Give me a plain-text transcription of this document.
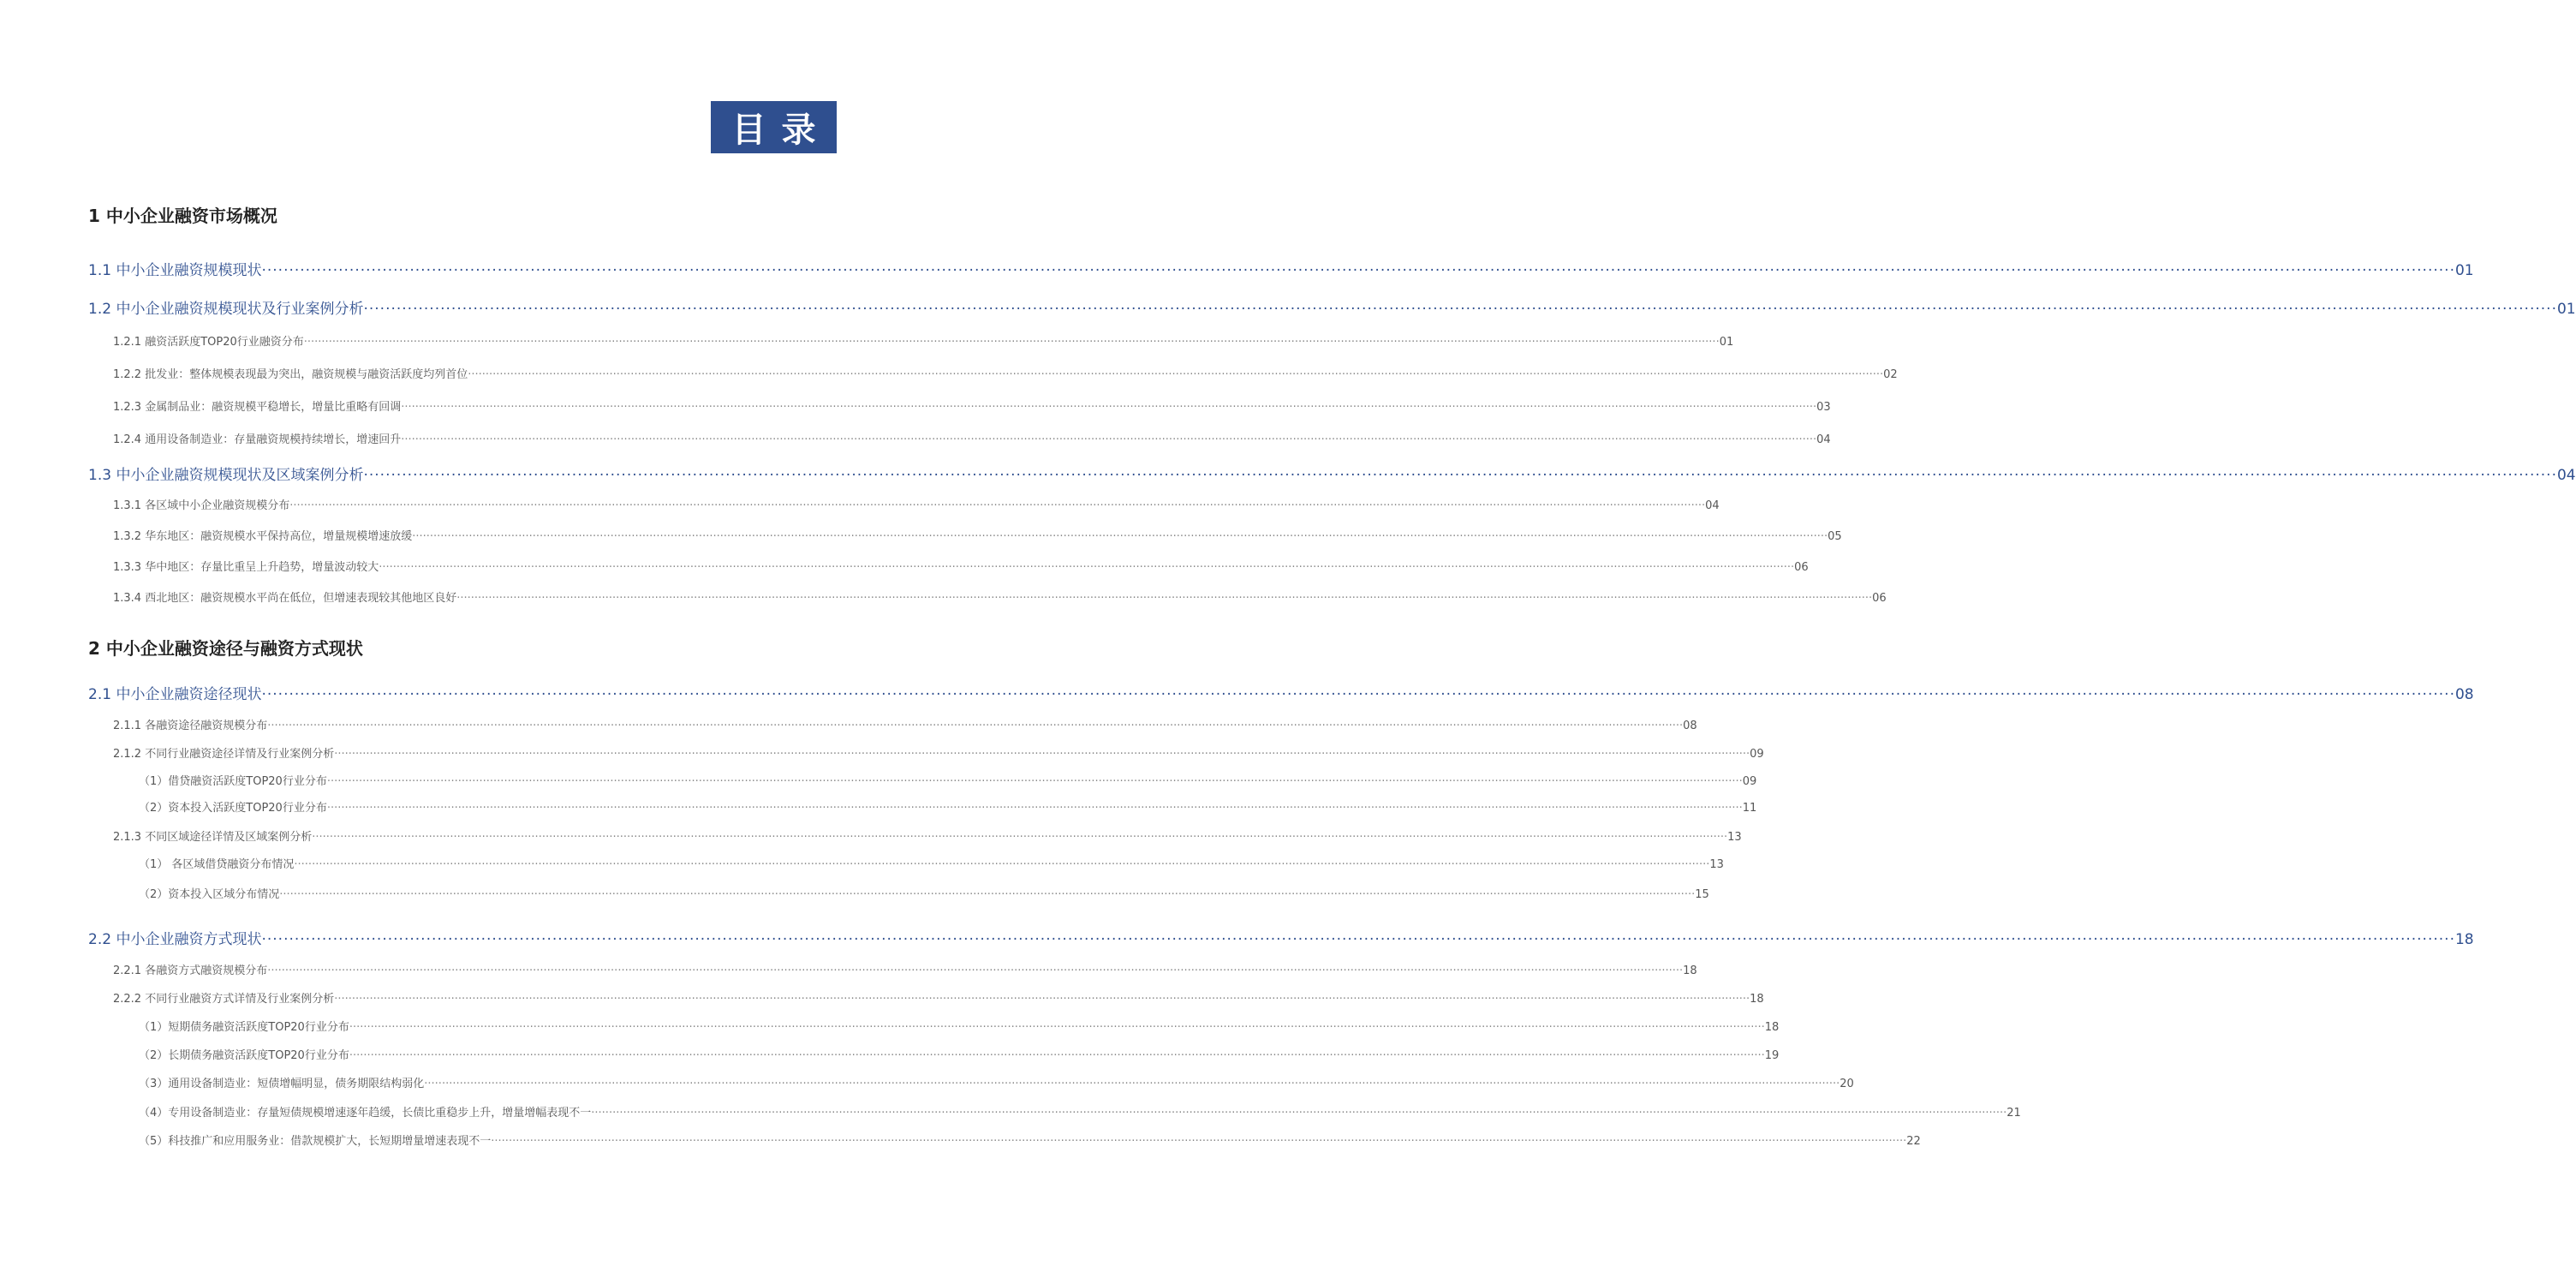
目录
1 中小企业融资市场概况
2 中小企业融资途径与融资方式现状
1.1 中小企业融资规模现状 ················································································································································································································································································································································································································ 01
1.2 中小企业融资规模现状及行业案例分析 ················································································································································································································································································································································································································ 01
1.2.1 融资活跃度TOP20行业融资分布 ················································································································································································································································································································································································································ 01
1.2.2 批发业：整体规模表现最为突出，融资规模与融资活跃度均列首位 ················································································································································································································································································································································································································ 02
1.2.3 金属制品业：融资规模平稳增长，增量比重略有回调 ················································································································································································································································································································································································································ 03
1.2.4 通用设备制造业：存量融资规模持续增长，增速回升 ················································································································································································································································································································································································································ 04
1.3 中小企业融资规模现状及区域案例分析 ················································································································································································································································································································································································································ 04
1.3.1 各区域中小企业融资规模分布 ················································································································································································································································································································································································································ 04
1.3.2 华东地区：融资规模水平保持高位，增量规模增速放缓 ················································································································································································································································································································································································································ 05
1.3.3 华中地区：存量比重呈上升趋势，增量波动较大 ················································································································································································································································································································································································································ 06
1.3.4 西北地区：融资规模水平尚在低位，但增速表现较其他地区良好 ················································································································································································································································································································································································································ 06
2.1 中小企业融资途径现状 ················································································································································································································································································································································································································ 08
2.1.1 各融资途径融资规模分布 ················································································································································································································································································································································································································ 08
2.1.2 不同行业融资途径详情及行业案例分析 ················································································································································································································································································································································································································ 09
（1）借贷融资活跃度TOP20行业分布 ················································································································································································································································································································································································································ 09
（2）资本投入活跃度TOP20行业分布 ················································································································································································································································································································································································································ 11
2.1.3 不同区域途径详情及区域案例分析 ················································································································································································································································································································································································································ 13
（1） 各区域借贷融资分布情况 ················································································································································································································································································································································································································ 13
（2）资本投入区域分布情况 ················································································································································································································································································································································································································ 15
2.2 中小企业融资方式现状 ················································································································································································································································································································································································································ 18
2.2.1 各融资方式融资规模分布 ················································································································································································································································································································································································································ 18
2.2.2 不同行业融资方式详情及行业案例分析 ················································································································································································································································································································································································································ 18
（1）短期债务融资活跃度TOP20行业分布 ················································································································································································································································································································································································································ 18
（2）长期债务融资活跃度TOP20行业分布 ················································································································································································································································································································································································································ 19
（3）通用设备制造业：短债增幅明显，债务期限结构弱化 ················································································································································································································································································································································································································ 20
（4）专用设备制造业：存量短债规模增速逐年趋缓，长债比重稳步上升，增量增幅表现不一 ················································································································································································································································································································································································································ 21
（5）科技推广和应用服务业：借款规模扩大，长短期增量增速表现不一 ················································································································································································································································································································································································································ 22
